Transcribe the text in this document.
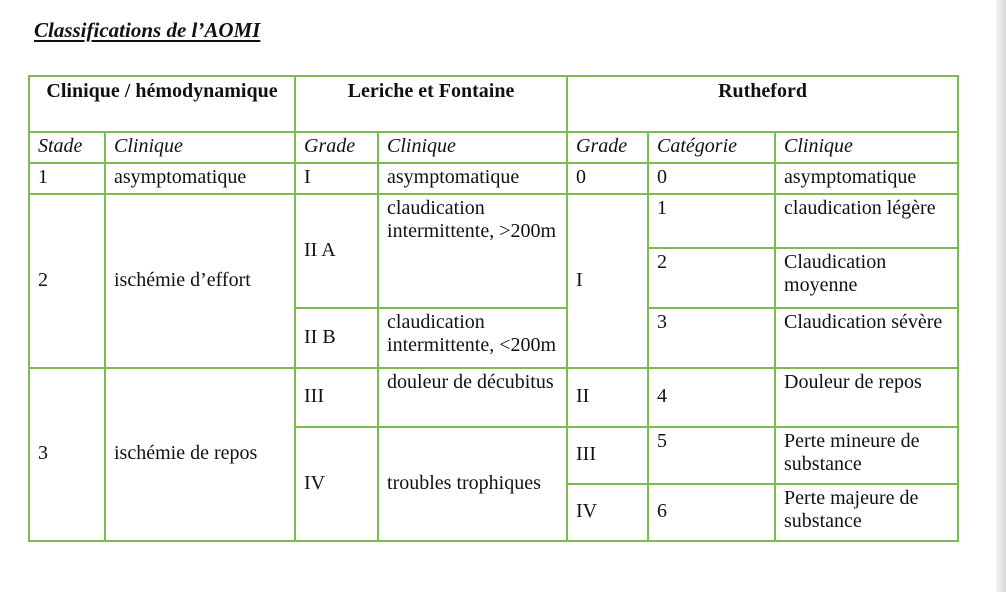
Classifications de l’AOMI
Clinique / hémodynamique		Leriche et Fontaine		Rutheford		
Stade	Clinique	Grade	Clinique	Grade	Catégorie	Clinique
1	asymptomatique	I	asymptomatique	0	0	asymptomatique
2	ischémie d’effort	II A	claudication intermittente, >200m	I	1	claudication légère
					2	Claudication moyenne
		II B	claudication intermittente, <200m			
					3	Claudication sévère
3	ischémie de repos	III	douleur de décubitus	II	4	Douleur de repos
		IV	troubles trophiques	III	5	Perte mineure de substance
				IV	6	Perte majeure de substance
